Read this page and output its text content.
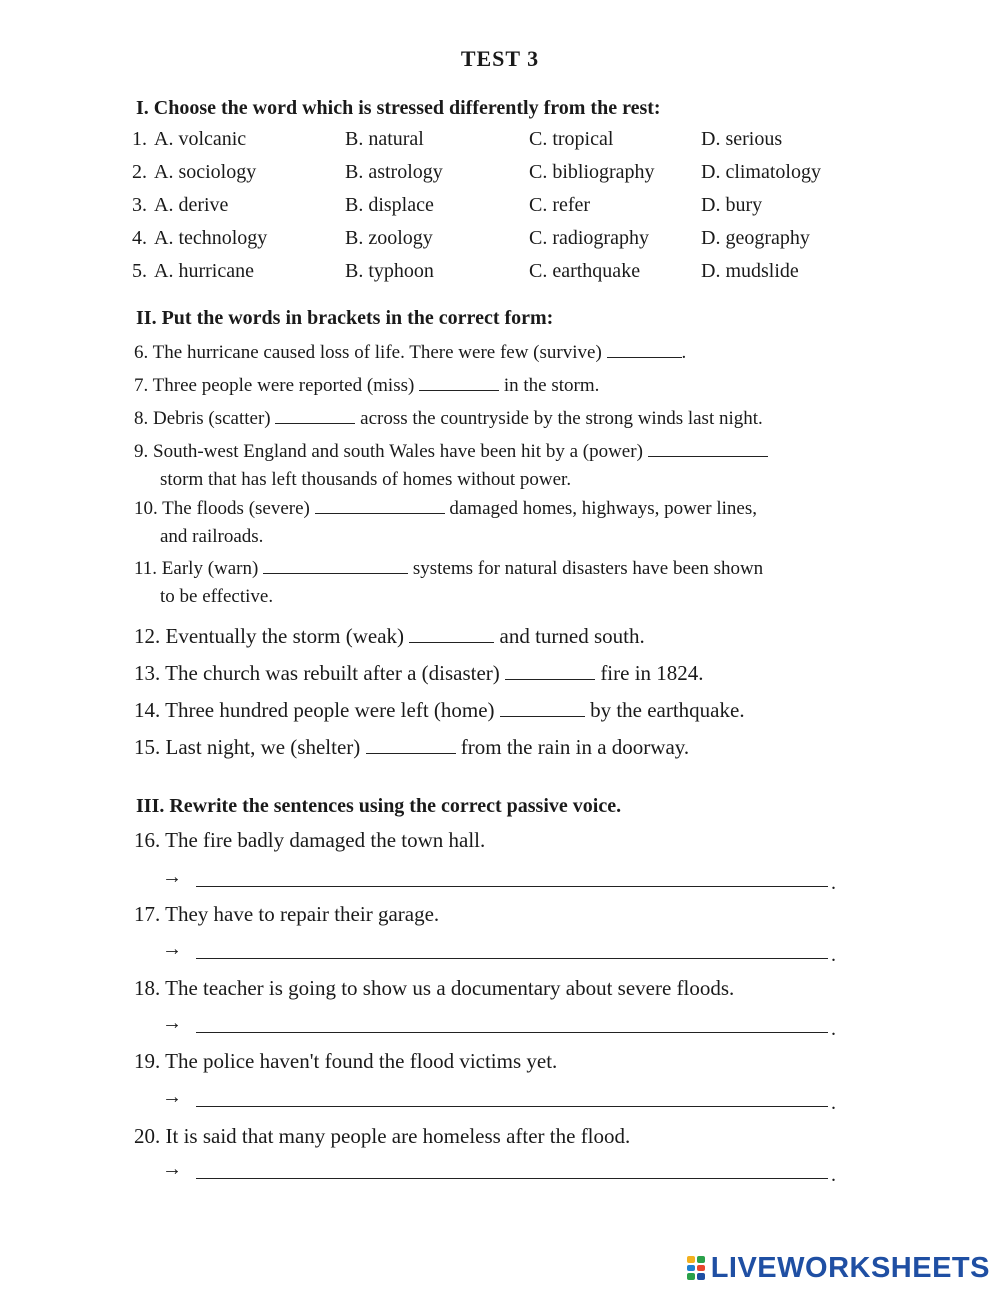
TEST 3
I. Choose the word which is stressed differently from the rest:
1. A. volcanic	B. natural	C. tropical	D. serious
2. A. sociology	B. astrology	C. bibliography D. climatology
3. A. derive	B. displace	C. refer	D. bury
4. A. technology	B. zoology	C. radiography	D. geography
5. A. hurricane	B. typhoon	C. earthquake	D. mudslide
II. Put the words in brackets in the correct form:
6. The hurricane caused loss of life. There were few (survive)	.
7. Three people were reported (miss)	in the storm.
8. Debris (scatter)	across the countryside by the strong winds last night.
9. South-west England and south Wales have been hit by a (power)
storm that has left thousands of homes without power.
10. The floods (severe)	damaged homes, highways, power lines,
and railroads.
11. Early (warn)	systems for natural disasters have been shown
to be effective.
12. Eventually the storm (weak)	and turned south.
13. The church was rebuilt after a (disaster)	fire in 1824.
14. Three hundred people were left (home)	by the earthquake.
15. Last night, we (shelter)	from the rain in a doorway.
III. Rewrite the sentences using the correct passive voice.
16. The fire badly damaged the town hall.
→	.
17. They have to repair their garage.
→	.
18. The teacher is going to show us a documentary about severe floods.
→	.
19. The police haven't found the flood victims yet.
→	.
20. It is said that many people are homeless after the flood.
→	.
LIVEWORKSHEETS
